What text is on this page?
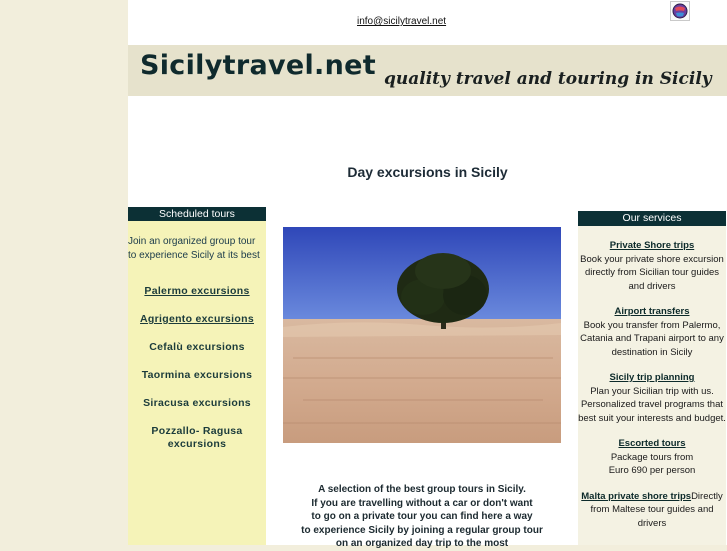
info@sicilytravel.net
Sicilytravel.net quality travel and touring in Sicily
Day excursions in Sicily
Scheduled tours
Join an organized group tour to experience Sicily at its best
Palermo excursions
Agrigento excursions
Cefalù excursions
Taormina excursions
Siracusa excursions
Pozzallo- Ragusa excursions
A selection of the best group tours in Sicily.
If you are travelling without a car or don't want
to go on a private tour you can find here a way
to experience Sicily by joining a regular group tour
on an organized day trip to the most
Our services
Private Shore trips
Book your private shore excursion directly from Sicilian tour guides and drivers
Airport transfers
Book you transfer from Palermo, Catania and Trapani airport to any destination in Sicily
Sicily trip planning
Plan your Sicilian trip with us. Personalized travel programs that best suit your interests and budget.
Escorted tours
Package tours from Euro 690 per person
Malta private shore tripsDirectly from Maltese tour guides and drivers
